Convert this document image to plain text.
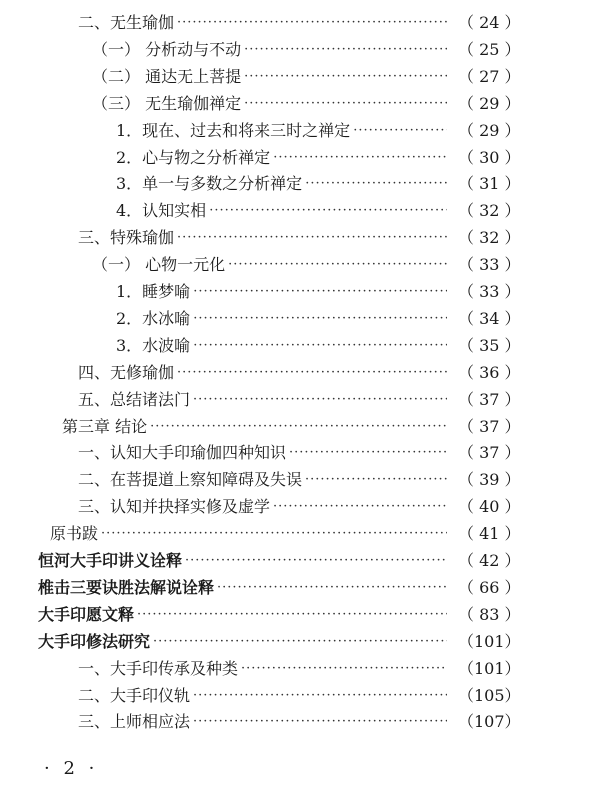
二、无生瑜伽 ·····	（ 24 ）
（一） 分析动与不动 ·····	（ 25 ）
（二） 通达无上菩提 ·····	（ 27 ）
（三） 无生瑜伽禅定 ·····	（ 29 ）
1．现在、过去和将来三时之禅定 ·····	（ 29 ）
2．心与物之分析禅定 ·····	（ 30 ）
3．单一与多数之分析禅定 ·····	（ 31 ）
4．认知实相 ·····	（ 32 ）
三、特殊瑜伽 ·····	（ 32 ）
（一） 心物一元化 ·····	（ 33 ）
1．睡梦喻 ·····	（ 33 ）
2．水冰喻 ·····	（ 34 ）
3．水波喻 ·····	（ 35 ）
四、无修瑜伽 ·····	（ 36 ）
五、总结诸法门 ·····	（ 37 ）
第三章 结论 ·····	（ 37 ）
一、认知大手印瑜伽四种知识 ·····	（ 37 ）
二、在菩提道上察知障碍及失误 ·····	（ 39 ）
三、认知并抉择实修及虚学 ·····	（ 40 ）
原书跋 ·····	（ 41 ）
恒河大手印讲义诠释 ·····	（ 42 ）
椎击三要诀胜法解说诠释 ·····	（ 66 ）
大手印愿文释 ·····	（ 83 ）
大手印修法研究 ·····	（101）
一、大手印传承及种类 ·····	（101）
二、大手印仪轨 ·····	（105）
三、上师相应法 ·····	（107）
· 2 ·
